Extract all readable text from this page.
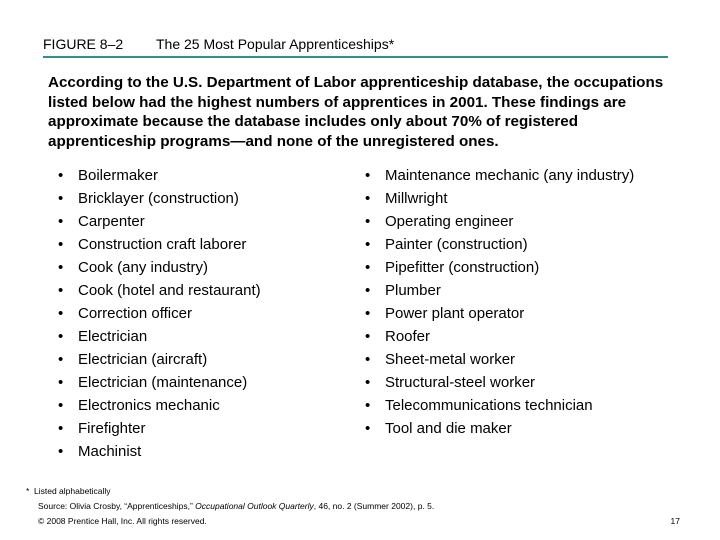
FIGURE 8–2	The 25 Most Popular Apprenticeships*

According to the U.S. Department of Labor apprenticeship database, the occupations listed below had the highest numbers of apprentices in 2001. These findings are approximate because the database includes only about 70% of registered apprenticeship programs—and none of the unregistered ones.

• Boilermaker
• Bricklayer (construction)
• Carpenter
• Construction craft laborer
• Cook (any industry)
• Cook (hotel and restaurant)
• Correction officer
• Electrician
• Electrician (aircraft)
• Electrician (maintenance)
• Electronics mechanic
• Firefighter
• Machinist
• Maintenance mechanic (any industry)
• Millwright
• Operating engineer
• Painter (construction)
• Pipefitter (construction)
• Plumber
• Power plant operator
• Roofer
• Sheet-metal worker
• Structural-steel worker
• Telecommunications technician
• Tool and die maker
* Listed alphabetically
Source: Olivia Crosby, “Apprenticeships,” Occupational Outlook Quarterly, 46, no. 2 (Summer 2002), p. 5.
© 2008 Prentice Hall, Inc. All rights reserved.	17
